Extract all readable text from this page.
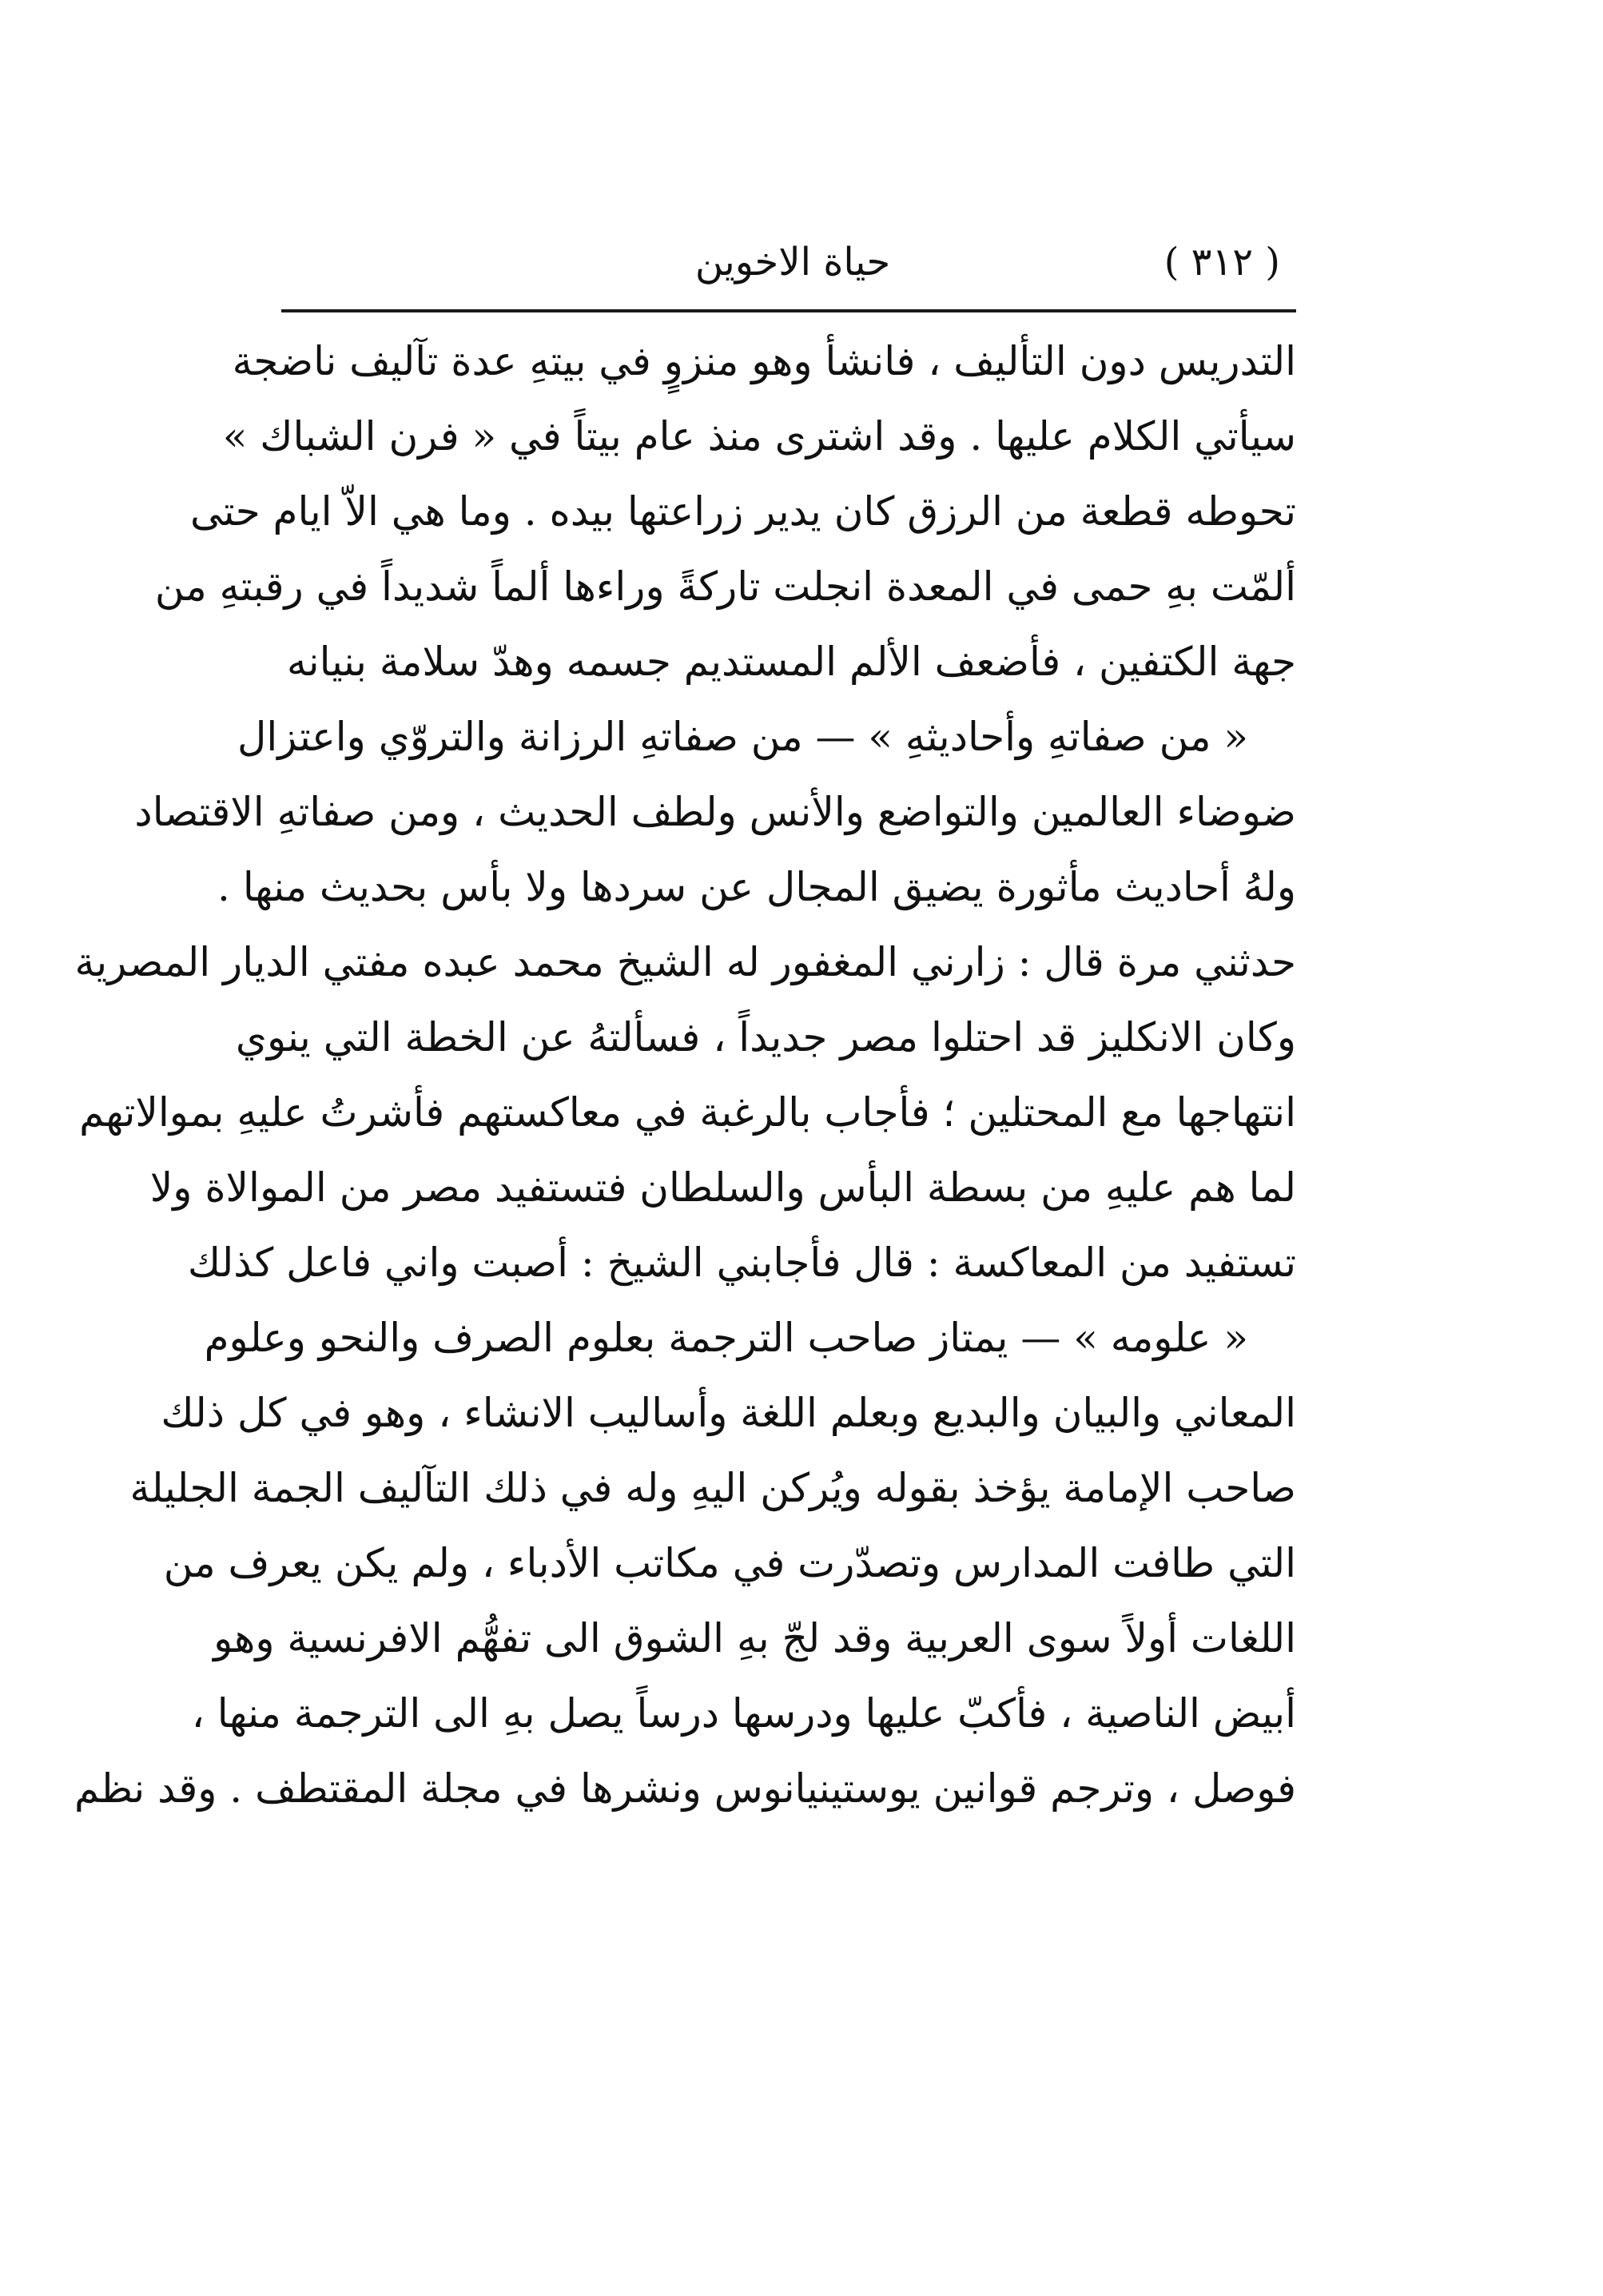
( ٣١٢ )
حياة الاخوين
التدريس دون التأليف ، فانشأ وهو منزوٍ في بيتهِ عدة تآليف ناضجة
سيأتي الكلام عليها . وقد اشترى منذ عام بيتاً في « فرن الشباك »
تحوطه قطعة من الرزق كان يدير زراعتها بيده . وما هي الاّ ايام حتى
ألمّت بهِ حمى في المعدة انجلت تاركةً وراءها ألماً شديداً في رقبتهِ من
جهة الكتفين ، فأضعف الألم المستديم جسمه وهدّ سلامة بنيانه
« من صفاتهِ وأحاديثهِ » — من صفاتهِ الرزانة والتروّي واعتزال
ضوضاء العالمين والتواضع والأنس ولطف الحديث ، ومن صفاتهِ الاقتصاد
ولهُ أحاديث مأثورة يضيق المجال عن سردها ولا بأس بحديث منها .
حدثني مرة قال : زارني المغفور له الشيخ محمد عبده مفتي الديار المصرية
وكان الانكليز قد احتلوا مصر جديداً ، فسألتهُ عن الخطة التي ينوي
انتهاجها مع المحتلين ؛ فأجاب بالرغبة في معاكستهم فأشرتُ عليهِ بموالاتهم
لما هم عليهِ من بسطة البأس والسلطان فتستفيد مصر من الموالاة ولا
تستفيد من المعاكسة : قال فأجابني الشيخ : أصبت واني فاعل كذلك
« علومه » — يمتاز صاحب الترجمة بعلوم الصرف والنحو وعلوم
المعاني والبيان والبديع وبعلم اللغة وأساليب الانشاء ، وهو في كل ذلك
صاحب الإمامة يؤخذ بقوله ويُركن اليهِ وله في ذلك التآليف الجمة الجليلة
التي طافت المدارس وتصدّرت في مكاتب الأدباء ، ولم يكن يعرف من
اللغات أولاً سوى العربية وقد لجّ بهِ الشوق الى تفهُّم الافرنسية وهو
أبيض الناصية ، فأكبّ عليها ودرسها درساً يصل بهِ الى الترجمة منها ،
فوصل ، وترجم قوانين يوستينيانوس ونشرها في مجلة المقتطف . وقد نظم
